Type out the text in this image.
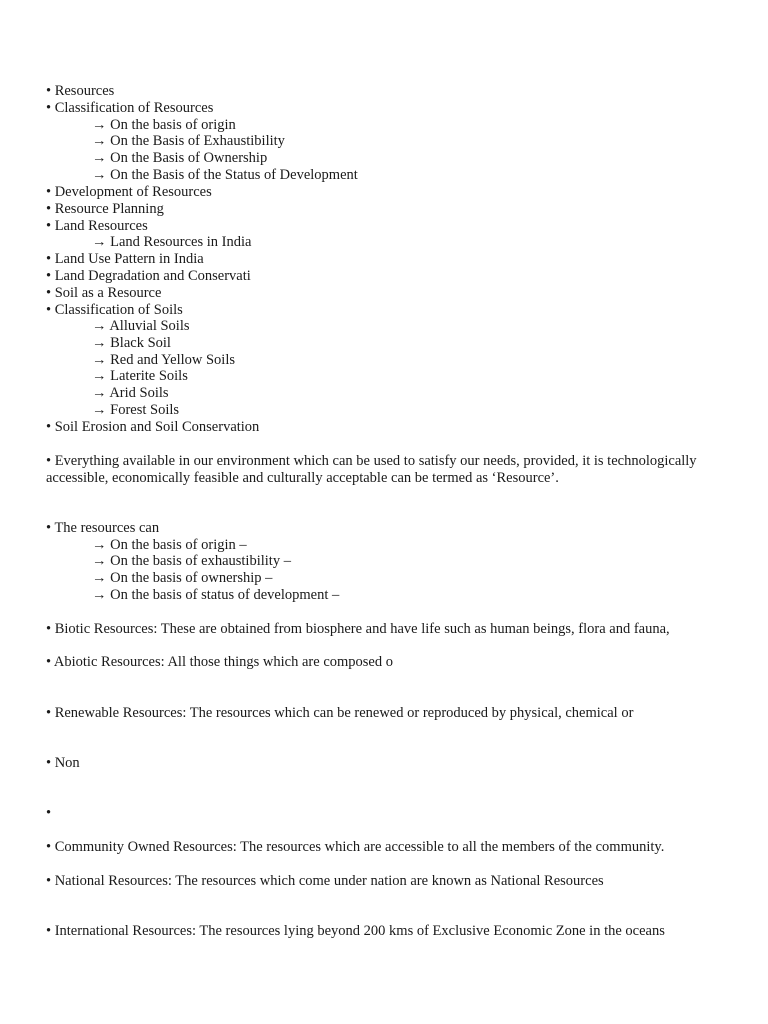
• Resources
• Classification of Resources
→ On the basis of origin
→ On the Basis of Exhaustibility
→ On the Basis of Ownership
→ On the Basis of the Status of Development
• Development of Resources
• Resource Planning
• Land Resources
→ Land Resources in India
• Land Use Pattern in India
• Land Degradation and Conservati
• Soil as a Resource
• Classification of Soils
→ Alluvial Soils
→ Black Soil
→ Red and Yellow Soils
→ Laterite Soils
→ Arid Soils
→ Forest Soils
• Soil Erosion and Soil Conservation
• Everything available in our environment which can be used to satisfy our needs, provided, it is technologically accessible, economically feasible and culturally acceptable can be termed as ‘Resource’.
• The resources can
→ On the basis of origin –
→ On the basis of exhaustibility –
→ On the basis of ownership –
→ On the basis of status of development –
• Biotic Resources: These are obtained from biosphere and have life such as human beings, flora and fauna,
• Abiotic Resources: All those things which are composed o
• Renewable Resources: The resources which can be renewed or reproduced by physical, chemical or
• Non
•
• Community Owned Resources: The resources which are accessible to all the members of the community.
• National Resources: The resources which come under nation are known as National Resources
• International Resources: The resources lying beyond 200 kms of Exclusive Economic Zone in the oceans
